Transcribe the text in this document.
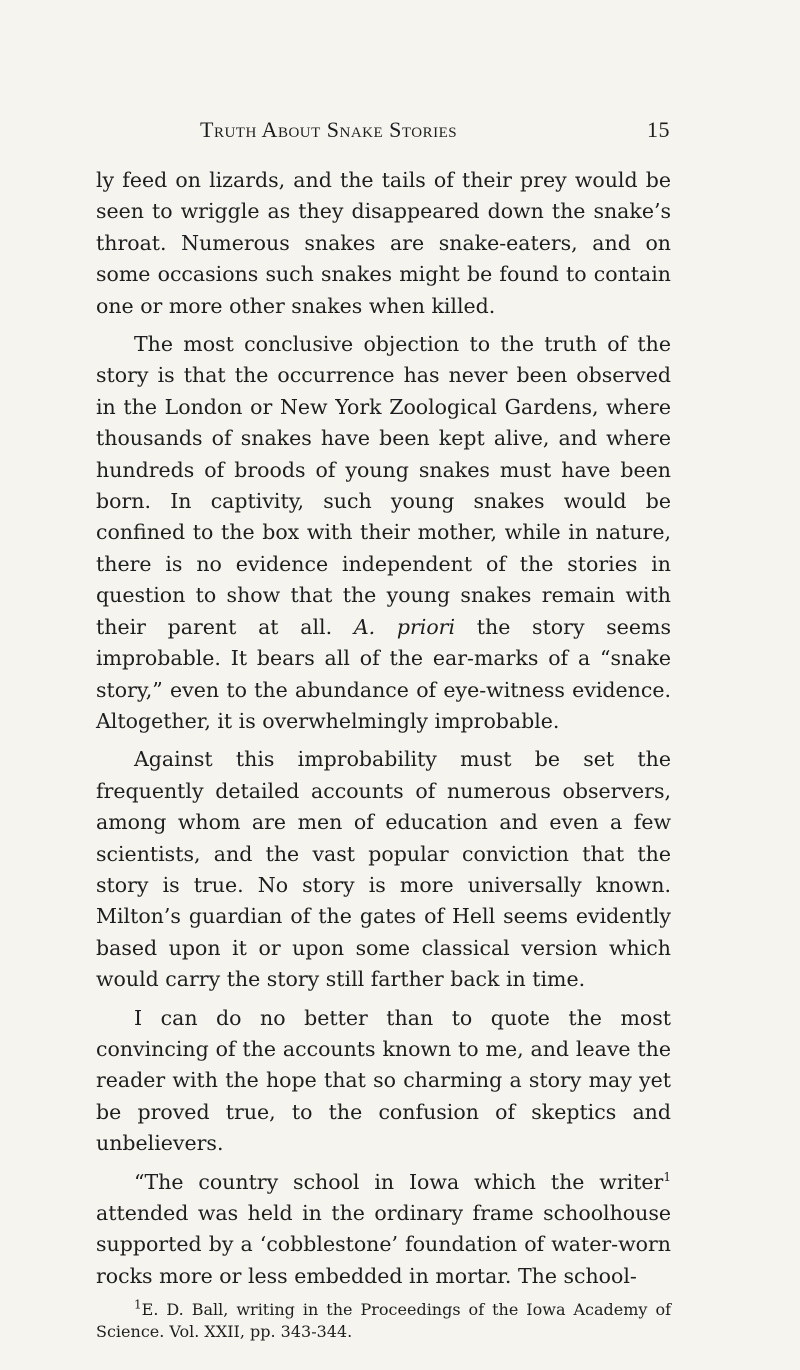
Truth About Snake Stories	15

ly feed on lizards, and the tails of their prey would be seen to wriggle as they disappeared down the snake’s throat. Numerous snakes are snake-eaters, and on some occasions such snakes might be found to contain one or more other snakes when killed.

The most conclusive objection to the truth of the story is that the occurrence has never been observed in the London or New York Zoological Gardens, where thousands of snakes have been kept alive, and where hundreds of broods of young snakes must have been born. In captivity, such young snakes would be confined to the box with their mother, while in nature, there is no evidence independent of the stories in question to show that the young snakes remain with their parent at all. A. priori the story seems improbable. It bears all of the ear-marks of a “snake story,” even to the abundance of eye-witness evidence. Altogether, it is overwhelmingly improbable.

Against this improbability must be set the frequently detailed accounts of numerous observers, among whom are men of education and even a few scientists, and the vast popular conviction that the story is true. No story is more universally known. Milton’s guardian of the gates of Hell seems evidently based upon it or upon some classical version which would carry the story still farther back in time.

I can do no better than to quote the most convincing of the accounts known to me, and leave the reader with the hope that so charming a story may yet be proved true, to the confusion of skeptics and unbelievers.

“The country school in Iowa which the writer$^1$ attended was held in the ordinary frame schoolhouse supported by a ‘cobblestone’ foundation of water-worn rocks more or less embedded in mortar. The school-

$^1$E. D. Ball, writing in the Proceedings of the Iowa Academy of Science. Vol. XXII, pp. 343-344.
